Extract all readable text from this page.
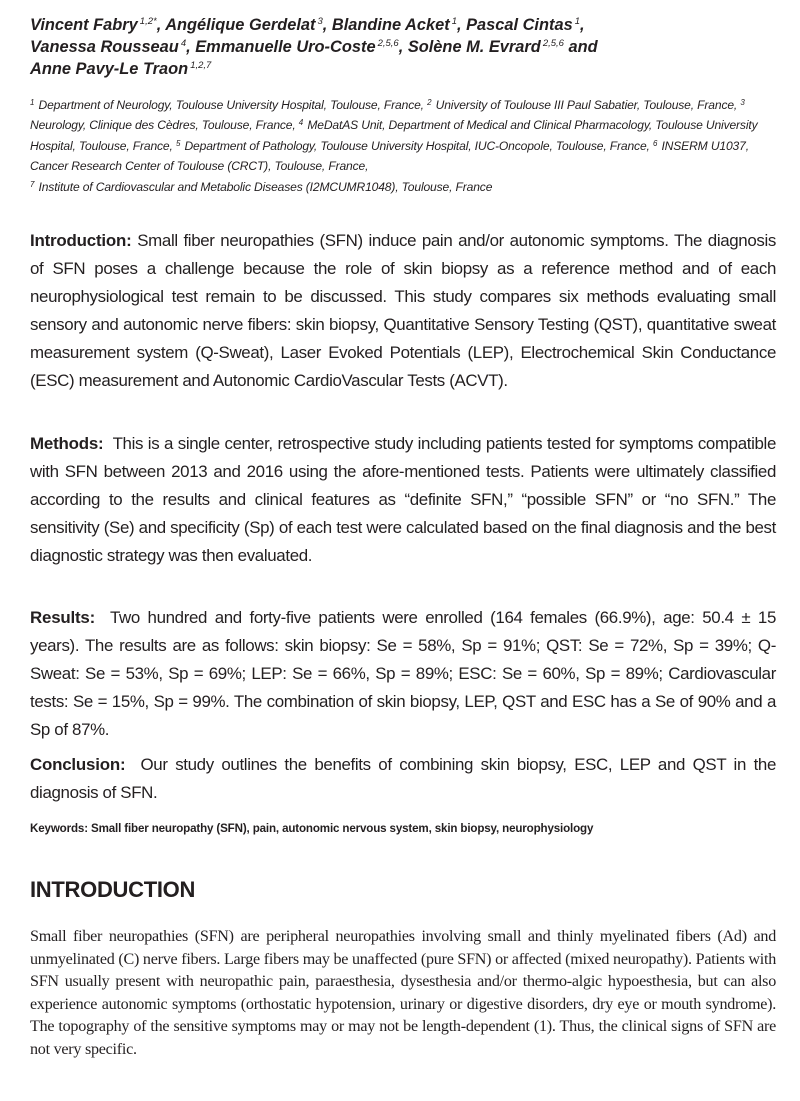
Vincent Fabry $^{1,2*}$, Angélique Gerdelat $^3$, Blandine Acket $^1$, Pascal Cintas $^1$,
Vanessa Rousseau $^4$, Emmanuelle Uro-Coste $^{2,5,6}$, Solène M. Evrard $^{2,5,6}$ and
Anne Pavy-Le Traon $^{1,2,7}$
$^1$ Department of Neurology, Toulouse University Hospital, Toulouse, France, $^2$ University of Toulouse III Paul Sabatier, Toulouse, France, $^3$ Neurology, Clinique des Cèdres, Toulouse, France, $^4$ MeDatAS Unit, Department of Medical and Clinical Pharmacology, Toulouse University Hospital, Toulouse, France, $^5$ Department of Pathology, Toulouse University Hospital, IUC-Oncopole, Toulouse, France, $^6$ INSERM U1037, Cancer Research Center of Toulouse (CRCT), Toulouse, France,
$^7$ Institute of Cardiovascular and Metabolic Diseases (I2MCUMR1048), Toulouse, France

Introduction: Small fiber neuropathies (SFN) induce pain and/or autonomic symptoms. The diagnosis of SFN poses a challenge because the role of skin biopsy as a reference method and of each neurophysiological test remain to be discussed. This study compares six methods evaluating small sensory and autonomic nerve fibers: skin biopsy, Quantitative Sensory Testing (QST), quantitative sweat measurement system (Q-Sweat), Laser Evoked Potentials (LEP), Electrochemical Skin Conductance (ESC) measurement and Autonomic CardioVascular Tests (ACVT).

Methods:  This is a single center, retrospective study including patients tested for symptoms compatible with SFN between 2013 and 2016 using the afore-mentioned tests. Patients were ultimately classified according to the results and clinical features as “definite SFN,” “possible SFN” or “no SFN.” The sensitivity (Se) and specificity (Sp) of each test were calculated based on the final diagnosis and the best diagnostic strategy was then evaluated.

Results:  Two hundred and forty-five patients were enrolled (164 females (66.9%), age: 50.4 ± 15 years). The results are as follows: skin biopsy: Se = 58%, Sp = 91%; QST: Se = 72%, Sp = 39%; Q-Sweat: Se = 53%, Sp = 69%; LEP: Se = 66%, Sp = 89%; ESC: Se = 60%, Sp = 89%; Cardiovascular tests: Se = 15%, Sp = 99%. The combination of skin biopsy, LEP, QST and ESC has a Se of 90% and a Sp of 87%.

Conclusion:  Our study outlines the benefits of combining skin biopsy, ESC, LEP and QST in the diagnosis of SFN.

Keywords: Small fiber neuropathy (SFN), pain, autonomic nervous system, skin biopsy, neurophysiology
INTRODUCTION

Small fiber neuropathies (SFN) are peripheral neuropathies involving small and thinly myelinated fibers (Ad) and unmyelinated (C) nerve fibers. Large fibers may be unaffected (pure SFN) or affected (mixed neuropathy). Patients with SFN usually present with neuropathic pain, paraesthesia, dysesthesia and/or thermo-algic hypoesthesia, but can also experience autonomic symptoms (orthostatic hypotension, urinary or digestive disorders, dry eye or mouth syndrome). The topography of the sensitive symptoms may or may not be length-dependent (1). Thus, the clinical signs of SFN are not very specific.
